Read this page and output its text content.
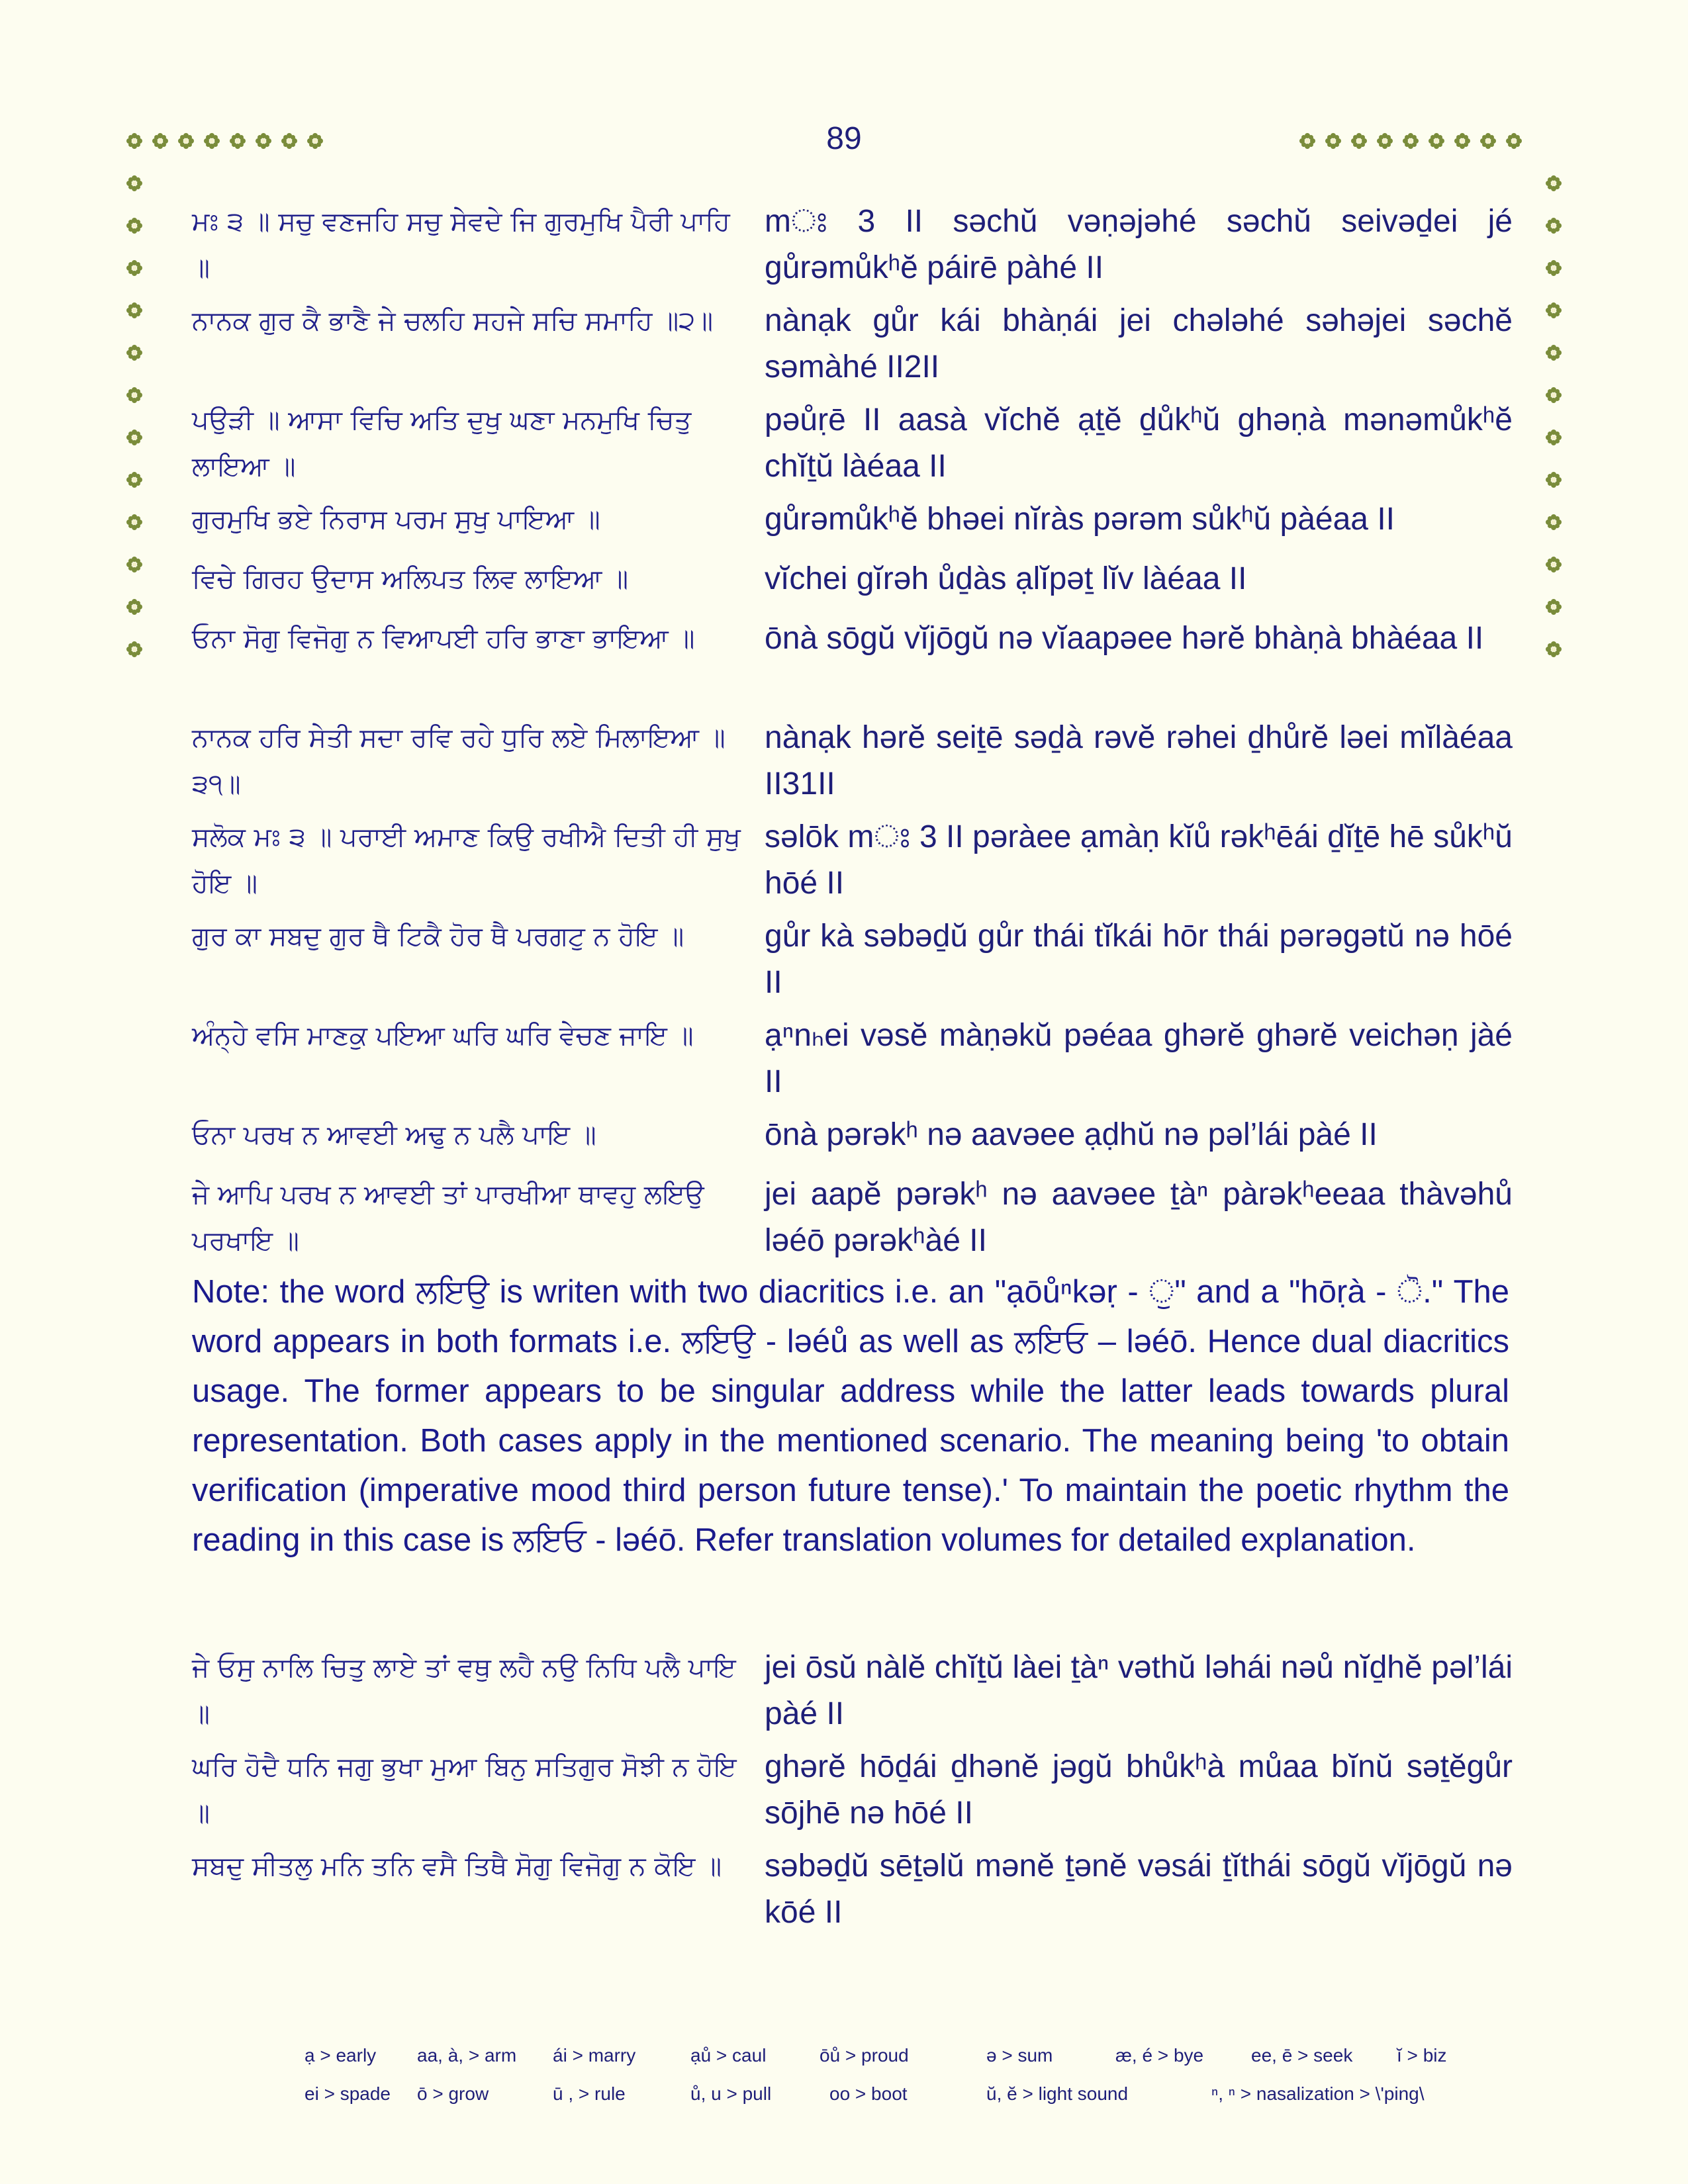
89

ਮਃ ੩ ॥ ਸਚੁ ਵਣਜਹਿ ਸਚੁ ਸੇਵਦੇ ਜਿ ਗੁਰਮੁਖਿ ਪੈਰੀ ਪਾਹਿ ॥

mਃ 3 II sǝchŭ vǝṇǝjǝhé sǝchŭ seivǝḏei jé gůrǝmůkʰĕ páirē pàhé II

ਨਾਨਕ ਗੁਰ ਕੈ ਭਾਣੈ ਜੇ ਚਲਹਿ ਸਹਜੇ ਸਚਿ ਸਮਾਹਿ ॥੨॥	nànạk gůr kái bhàṇái jei chǝlǝhé sǝhǝjei sǝchĕ sǝmàhé II2II

ਪਉੜੀ ॥ ਆਸਾ ਵਿਚਿ ਅਤਿ ਦੁਖੁ ਘਣਾ ਮਨਮੁਖਿ ਚਿਤੁ ਲਾਇਆ ॥

pǝůṛē II aasà vĭchĕ ạṯĕ ḏůkʰŭ ghǝṇà mǝnǝmůkʰĕ chĭṯŭ làéaa II

ਗੁਰਮੁਖਿ ਭਏ ਨਿਰਾਸ ਪਰਮ ਸੁਖੁ ਪਾਇਆ ॥	gůrǝmůkʰĕ bhǝei nĭràs pǝrǝm sůkʰŭ pàéaa II

ਵਿਚੇ ਗਿਰਹ ਉਦਾਸ ਅਲਿਪਤ ਲਿਵ ਲਾਇਆ ॥	vĭchei gĭrǝh ůḏàs ạlĭpǝṯ lĭv làéaa II

ਓਨਾ ਸੋਗੁ ਵਿਜੋਗੁ ਨ ਵਿਆਪਈ ਹਰਿ ਭਾਣਾ ਭਾਇਆ ॥	ōnà sōgŭ vĭjōgŭ nǝ vĭaapǝee hǝrĕ bhàṇà bhàéaa II

ਨਾਨਕ ਹਰਿ ਸੇਤੀ ਸਦਾ ਰਵਿ ਰਹੇ ਧੁਰਿ ਲਏ ਮਿਲਾਇਆ ॥੩੧॥

nànạk hǝrĕ seiṯē sǝḏà rǝvĕ rǝhei ḏhůrĕ lǝei mĭlàéaa II31II

ਸਲੋਕ ਮਃ ੩ ॥ ਪਰਾਈ ਅਮਾਣ ਕਿਉ ਰਖੀਐ ਦਿਤੀ ਹੀ ਸੁਖੁ ਹੋਇ ॥

sǝlōk mਃ 3 II pǝràee ạmàṇ kĭů rǝkʰēái ḏĭṯē hē sůkʰŭ hōé II

ਗੁਰ ਕਾ ਸਬਦੁ ਗੁਰ ਥੈ ਟਿਕੈ ਹੋਰ ਥੈ ਪਰਗਟੁ ਨ ਹੋਇ ॥	gůr kà sǝbǝḏŭ gůr thái tĭkái hōr thái pǝrǝgǝtŭ nǝ hōé II

ਅੰਨ੍ਹੇ ਵਸਿ ਮਾਣਕੁ ਪਇਆ ਘਰਿ ਘਰਿ ਵੇਚਣ ਜਾਇ ॥	ạⁿnₕei vǝsĕ màṇǝkŭ pǝéaa ghǝrĕ ghǝrĕ veichǝṇ jàé II

ਓਨਾ ਪਰਖ ਨ ਆਵਈ ਅਢੁ ਨ ਪਲੈ ਪਾਇ ॥	ōnà pǝrǝkʰ nǝ aavǝee ạḍhŭ nǝ pǝl’lái pàé II

ਜੇ ਆਪਿ ਪਰਖ ਨ ਆਵਈ ਤਾਂ ਪਾਰਖੀਆ ਥਾਵਹੁ ਲਇਉ ਪਰਖਾਇ ॥

jei aapĕ pǝrǝkʰ nǝ aavǝee ṯàⁿ pàrǝkʰeeaa thàvǝhů lǝéō pǝrǝkʰàé II
Note: the word ਲਇਉ is writen with two diacritics i.e. an "ạōůⁿkǝṛ - ੁ" and a "hōṛà - ੋ." The word appears in both formats i.e. ਲਇਉ - lǝéů as well as ਲਇਓ – lǝéō. Hence dual diacritics usage. The former appears to be singular address while the latter leads towards plural representation. Both cases apply in the mentioned scenario. The meaning being 'to obtain verification (imperative mood third person future tense).' To maintain the poetic rhythm the reading in this case is ਲਇਓ - lǝéō. Refer translation volumes for detailed explanation.

ਜੇ ਓਸੁ ਨਾਲਿ ਚਿਤੁ ਲਾਏ ਤਾਂ ਵਥੁ ਲਹੈ ਨਉ ਨਿਧਿ ਪਲੈ ਪਾਇ ॥

jei ōsŭ nàlĕ chĭṯŭ làei ṯàⁿ vǝthŭ lǝhái nǝů nĭḏhĕ pǝl’lái pàé II

ਘਰਿ ਹੋਦੈ ਧਨਿ ਜਗੁ ਭੁਖਾ ਮੁਆ ਬਿਨੁ ਸਤਿਗੁਰ ਸੋਝੀ ਨ ਹੋਇ ॥

ghǝrĕ hōḏái ḏhǝnĕ jǝgŭ bhůkʰà můaa bĭnŭ sǝṯĕgůr sōjhē nǝ hōé II

ਸਬਦੁ ਸੀਤਲੁ ਮਨਿ ਤਨਿ ਵਸੈ ਤਿਥੈ ਸੋਗੁ ਵਿਜੋਗੁ ਨ ਕੋਇ ॥	sǝbǝḏŭ sēṯǝlŭ mǝnĕ ṯǝnĕ vǝsái ṯĭthái sōgŭ vĭjōgŭ nǝ kōé II
ạ > early aa, à, > arm ái > marry	ạů > caul	ōů > proud	ǝ > sum	æ, é > bye	ee, ē > seek ĭ > biz
ei > spade ō > grow	ū , > rule	ů, u > pull	oo > boot	ŭ, ĕ > light sound	ⁿ, ⁿ > nasalization > \'ping\
